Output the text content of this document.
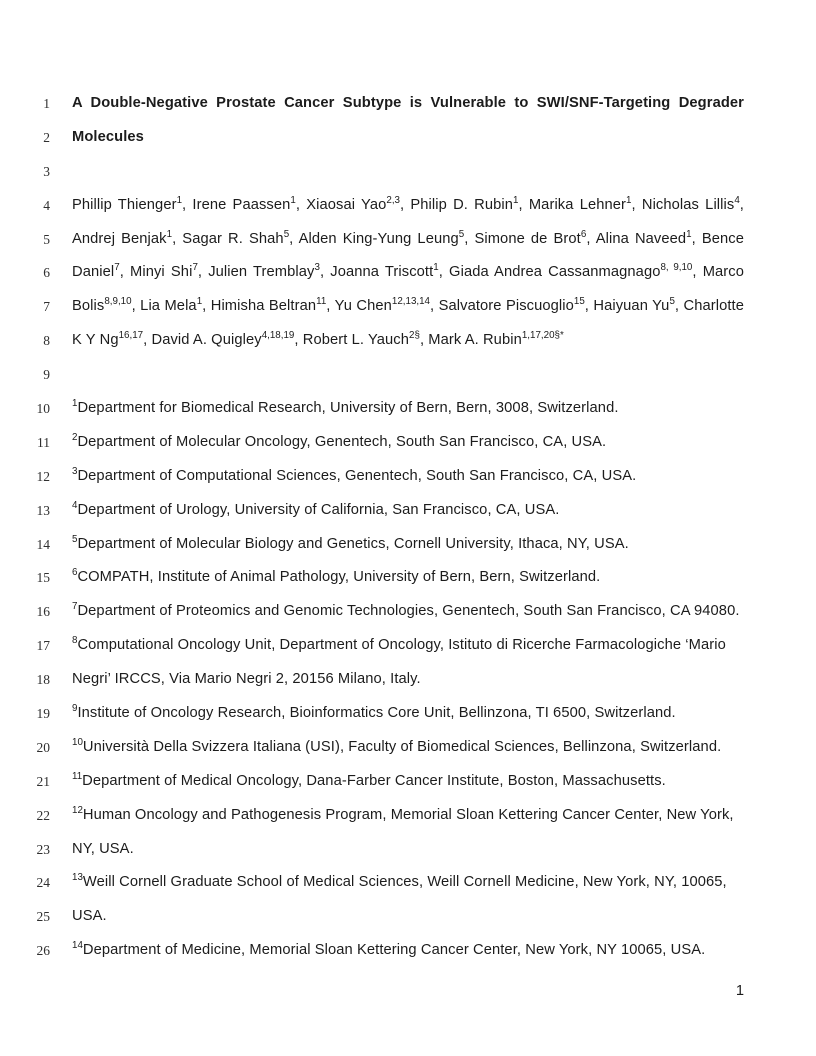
1 A Double-Negative Prostate Cancer Subtype is Vulnerable to SWI/SNF-Targeting Degrader
2 Molecules
3
4 Phillip Thienger$^1$, Irene Paassen$^1$, Xiaosai Yao$^{2,3}$, Philip D. Rubin$^1$, Marika Lehner$^1$, Nicholas Lillis$^4$,
5 Andrej Benjak$^1$, Sagar R. Shah$^5$, Alden King-Yung Leung$^5$, Simone de Brot$^6$, Alina Naveed$^1$, Bence
6 Daniel$^7$, Minyi Shi$^7$, Julien Tremblay$^3$, Joanna Triscott$^1$, Giada Andrea Cassanmagnago$^{8, 9,10}$, Marco
7 Bolis$^{8,9,10}$, Lia Mela$^1$, Himisha Beltran$^{11}$, Yu Chen$^{12,13,14}$, Salvatore Piscuoglio$^{15}$, Haiyuan Yu$^5$, Charlotte
8 K Y Ng$^{16,17}$, David A. Quigley$^{4,18,19}$, Robert L. Yauch$^{2\S}$, Mark A. Rubin$^{1,17,20\S*}$
9
10 $^1$Department for Biomedical Research, University of Bern, Bern, 3008, Switzerland.
11 $^2$Department of Molecular Oncology, Genentech, South San Francisco, CA, USA.
12 $^3$Department of Computational Sciences, Genentech, South San Francisco, CA, USA.
13 $^4$Department of Urology, University of California, San Francisco, CA, USA.
14 $^5$Department of Molecular Biology and Genetics, Cornell University, Ithaca, NY, USA.
15 $^6$COMPATH, Institute of Animal Pathology, University of Bern, Bern, Switzerland.
16 $^7$Department of Proteomics and Genomic Technologies, Genentech, South San Francisco, CA 94080.
17 $^8$Computational Oncology Unit, Department of Oncology, Istituto di Ricerche Farmacologiche ‘Mario
18 Negri’ IRCCS, Via Mario Negri 2, 20156 Milano, Italy.
19 $^9$Institute of Oncology Research, Bioinformatics Core Unit, Bellinzona, TI 6500, Switzerland.
20 $^{10}$Università Della Svizzera Italiana (USI), Faculty of Biomedical Sciences, Bellinzona, Switzerland.
21 $^{11}$Department of Medical Oncology, Dana-Farber Cancer Institute, Boston, Massachusetts.
22 $^{12}$Human Oncology and Pathogenesis Program, Memorial Sloan Kettering Cancer Center, New York,
23 NY, USA.
24 $^{13}$Weill Cornell Graduate School of Medical Sciences, Weill Cornell Medicine, New York, NY, 10065,
25 USA.
26 $^{14}$Department of Medicine, Memorial Sloan Kettering Cancer Center, New York, NY 10065, USA.
1
